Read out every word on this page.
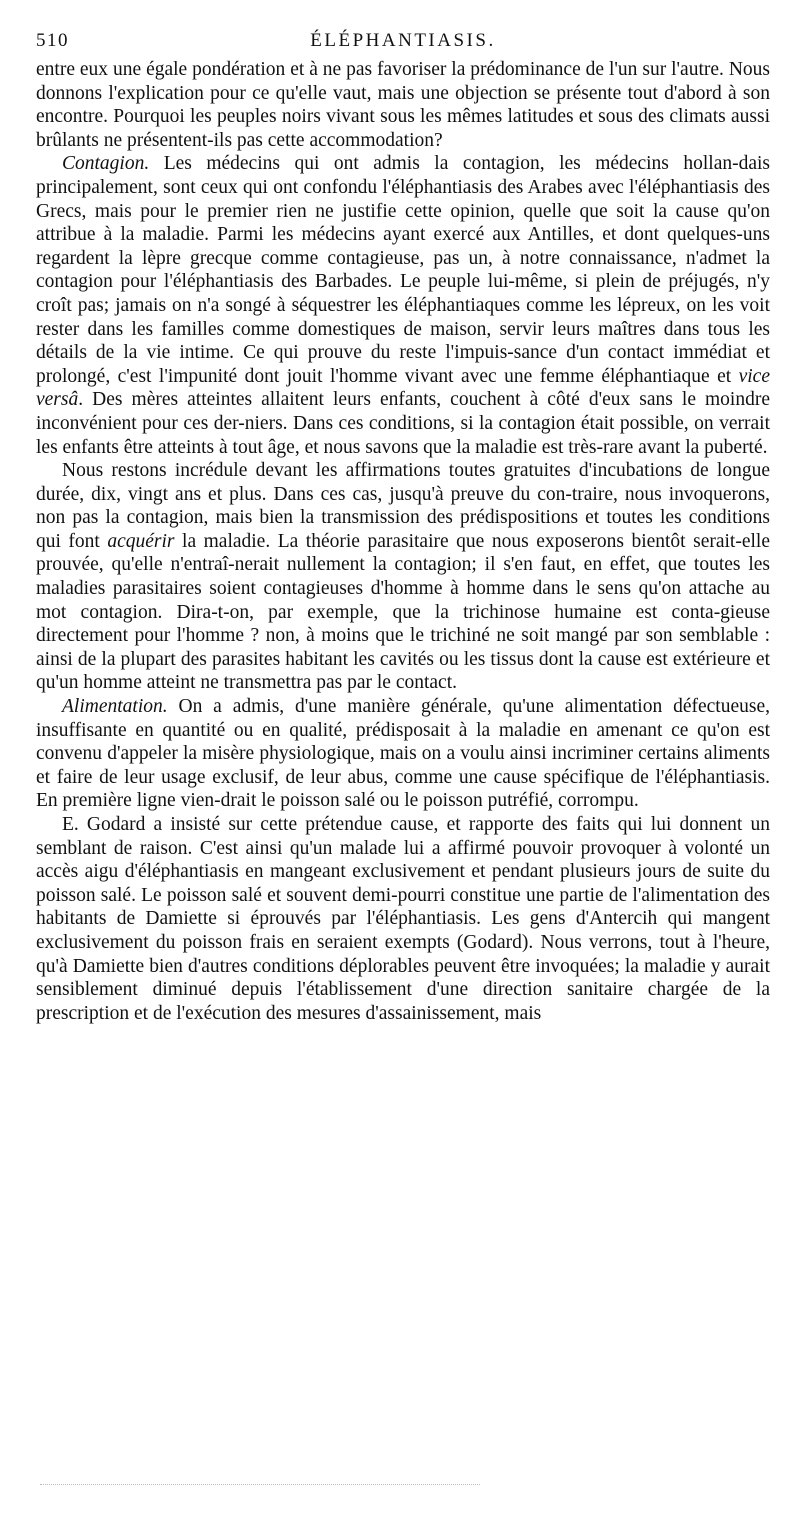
510	ÉLÉPHANTIASIS.

entre eux une égale pondération et à ne pas favoriser la prédominance de l'un sur l'autre. Nous donnons l'explication pour ce qu'elle vaut, mais une objection se présente tout d'abord à son encontre. Pourquoi les peuples noirs vivant sous les mêmes latitudes et sous des climats aussi brûlants ne présentent-ils pas cette accommodation?

Contagion. Les médecins qui ont admis la contagion, les médecins hollan-dais principalement, sont ceux qui ont confondu l'éléphantiasis des Arabes avec l'éléphantiasis des Grecs, mais pour le premier rien ne justifie cette opinion, quelle que soit la cause qu'on attribue à la maladie. Parmi les médecins ayant exercé aux Antilles, et dont quelques-uns regardent la lèpre grecque comme contagieuse, pas un, à notre connaissance, n'admet la contagion pour l'éléphantiasis des Barbades. Le peuple lui-même, si plein de préjugés, n'y croît pas; jamais on n'a songé à séquestrer les éléphantiaques comme les lépreux, on les voit rester dans les familles comme domestiques de maison, servir leurs maîtres dans tous les détails de la vie intime. Ce qui prouve du reste l'impuis-sance d'un contact immédiat et prolongé, c'est l'impunité dont jouit l'homme vivant avec une femme éléphantiaque et vice versâ. Des mères atteintes allaitent leurs enfants, couchent à côté d'eux sans le moindre inconvénient pour ces der-niers. Dans ces conditions, si la contagion était possible, on verrait les enfants être atteints à tout âge, et nous savons que la maladie est très-rare avant la puberté.

Nous restons incrédule devant les affirmations toutes gratuites d'incubations de longue durée, dix, vingt ans et plus. Dans ces cas, jusqu'à preuve du con-traire, nous invoquerons, non pas la contagion, mais bien la transmission des prédispositions et toutes les conditions qui font acquérir la maladie. La théorie parasitaire que nous exposerons bientôt serait-elle prouvée, qu'elle n'entraî-nerait nullement la contagion; il s'en faut, en effet, que toutes les maladies parasitaires soient contagieuses d'homme à homme dans le sens qu'on attache au mot contagion. Dira-t-on, par exemple, que la trichinose humaine est conta-gieuse directement pour l'homme ? non, à moins que le trichiné ne soit mangé par son semblable : ainsi de la plupart des parasites habitant les cavités ou les tissus dont la cause est extérieure et qu'un homme atteint ne transmettra pas par le contact.

Alimentation. On a admis, d'une manière générale, qu'une alimentation défectueuse, insuffisante en quantité ou en qualité, prédisposait à la maladie en amenant ce qu'on est convenu d'appeler la misère physiologique, mais on a voulu ainsi incriminer certains aliments et faire de leur usage exclusif, de leur abus, comme une cause spécifique de l'éléphantiasis. En première ligne vien-drait le poisson salé ou le poisson putréfié, corrompu.

E. Godard a insisté sur cette prétendue cause, et rapporte des faits qui lui donnent un semblant de raison. C'est ainsi qu'un malade lui a affirmé pouvoir provoquer à volonté un accès aigu d'éléphantiasis en mangeant exclusivement et pendant plusieurs jours de suite du poisson salé. Le poisson salé et souvent demi-pourri constitue une partie de l'alimentation des habitants de Damiette si éprouvés par l'éléphantiasis. Les gens d'Antercih qui mangent exclusivement du poisson frais en seraient exempts (Godard). Nous verrons, tout à l'heure, qu'à Damiette bien d'autres conditions déplorables peuvent être invoquées; la maladie y aurait sensiblement diminué depuis l'établissement d'une direction sanitaire chargée de la prescription et de l'exécution des mesures d'assainissement, mais
